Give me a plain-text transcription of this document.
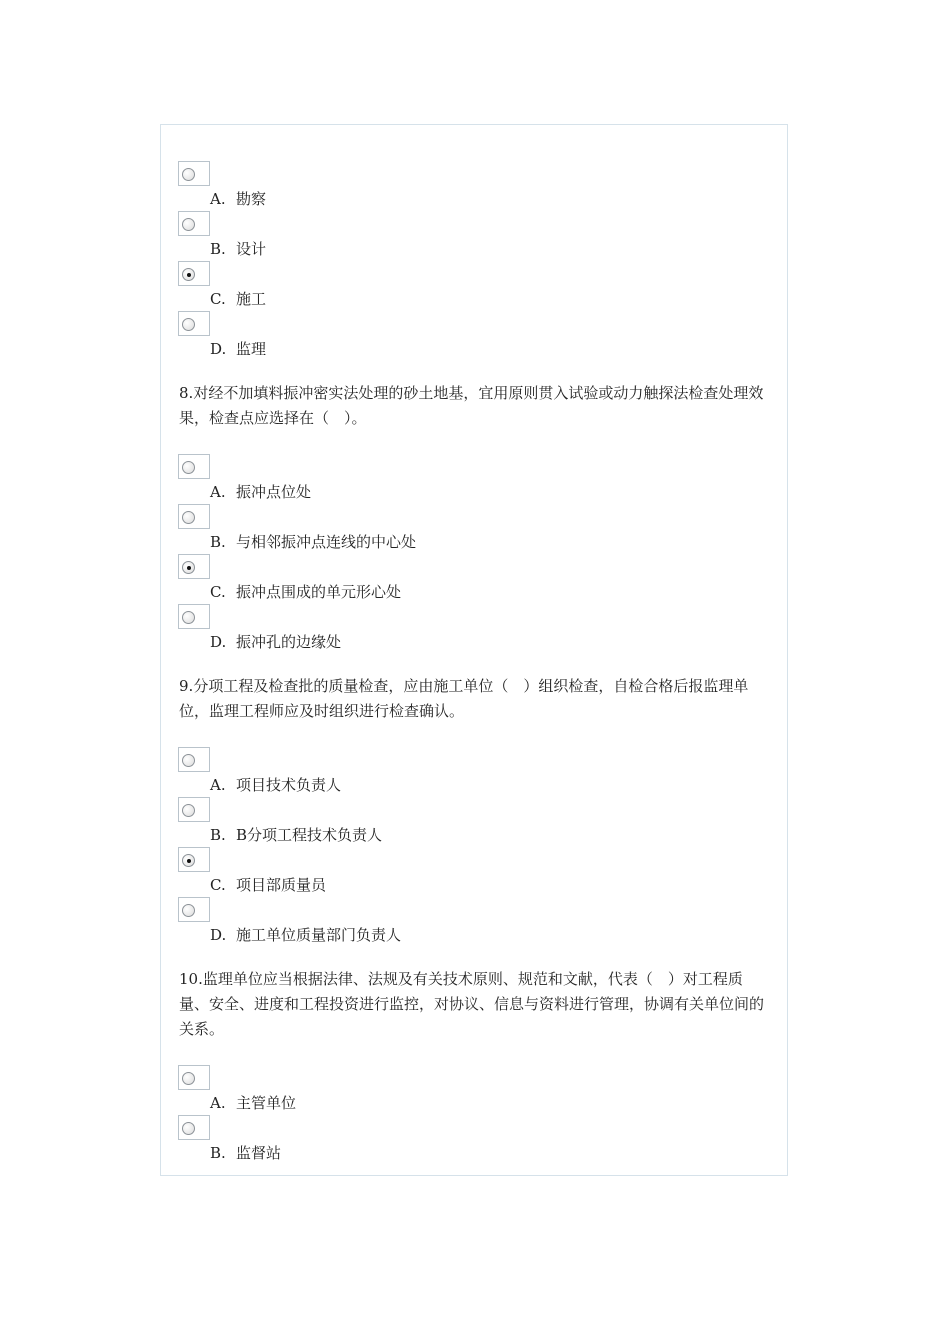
A. 勘察
B. 设计
C. 施工
D. 监理

8.对经不加填料振冲密实法处理的砂土地基，宜用原则贯入试验或动力触探法检查处理效果，检查点应选择在（　）。

A. 振冲点位处
B. 与相邻振冲点连线的中心处
C. 振冲点围成的单元形心处
D. 振冲孔的边缘处

9.分项工程及检查批的质量检查，应由施工单位（　）组织检查，自检合格后报监理单位，监理工程师应及时组织进行检查确认。

A. 项目技术负责人
B. B分项工程技术负责人
C. 项目部质量员
D. 施工单位质量部门负责人

10.监理单位应当根据法律、法规及有关技术原则、规范和文献，代表（　）对工程质量、安全、进度和工程投资进行监控，对协议、信息与资料进行管理，协调有关单位间的关系。

A. 主管单位
B. 监督站
